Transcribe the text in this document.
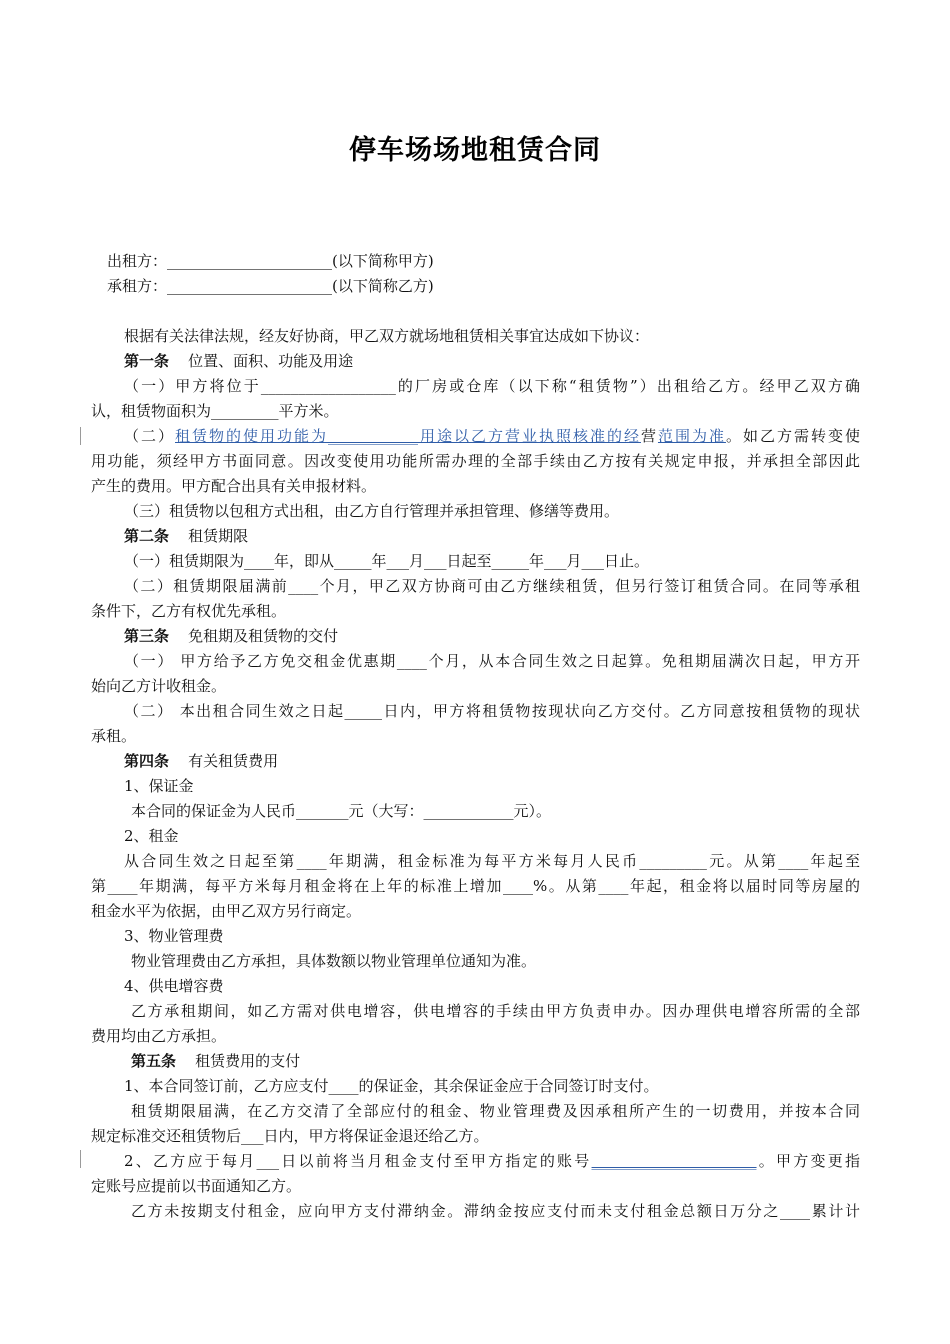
停车场场地租赁合同

出租方：______________________(以下简称甲方)

承租方：______________________(以下简称乙方)

根据有关法律法规，经友好协商，甲乙双方就场地租赁相关事宜达成如下协议：

第一条 位置、面积、功能及用途

（一）甲方将位于__________________的厂房或仓库（以下称“租赁物”）出租给乙方。经甲乙双方确

认，租赁物面积为_________平方米。

（二）租赁物的使用功能为____________用途以乙方营业执照核准的经营范围为准。如乙方需转变使

用功能，须经甲方书面同意。因改变使用功能所需办理的全部手续由乙方按有关规定申报，并承担全部因此

产生的费用。甲方配合出具有关申报材料。

（三）租赁物以包租方式出租，由乙方自行管理并承担管理、修缮等费用。

第二条 租赁期限

（一）租赁期限为____年，即从_____年___月___日起至_____年___月___日止。

（二）租赁期限届满前____个月，甲乙双方协商可由乙方继续租赁，但另行签订租赁合同。在同等承租

条件下，乙方有权优先承租。

第三条 免租期及租赁物的交付

（一） 甲方给予乙方免交租金优惠期____个月，从本合同生效之日起算。免租期届满次日起，甲方开

始向乙方计收租金。

（二） 本出租合同生效之日起_____日内，甲方将租赁物按现状向乙方交付。乙方同意按租赁物的现状

承租。

第四条 有关租赁费用

1、保证金

本合同的保证金为人民币_______元（大写：____________元）。

2、租金

从合同生效之日起至第____年期满，租金标准为每平方米每月人民币_________元。从第____年起至

第____年期满，每平方米每月租金将在上年的标准上增加____%。从第____年起，租金将以届时同等房屋的

租金水平为依据，由甲乙双方另行商定。

3、物业管理费

物业管理费由乙方承担，具体数额以物业管理单位通知为准。

4、供电增容费

乙方承租期间，如乙方需对供电增容，供电增容的手续由甲方负责申办。因办理供电增容所需的全部

费用均由乙方承担。

第五条 租赁费用的支付

1、本合同签订前，乙方应支付____的保证金，其余保证金应于合同签订时支付。

租赁期限届满，在乙方交清了全部应付的租金、物业管理费及因承租所产生的一切费用，并按本合同

规定标准交还租赁物后___日内，甲方将保证金退还给乙方。

2、乙方应于每月___日以前将当月租金支付至甲方指定的账号______________________。甲方变更指

定账号应提前以书面通知乙方。

乙方未按期支付租金，应向甲方支付滞纳金。滞纳金按应支付而未支付租金总额日万分之____累计计
